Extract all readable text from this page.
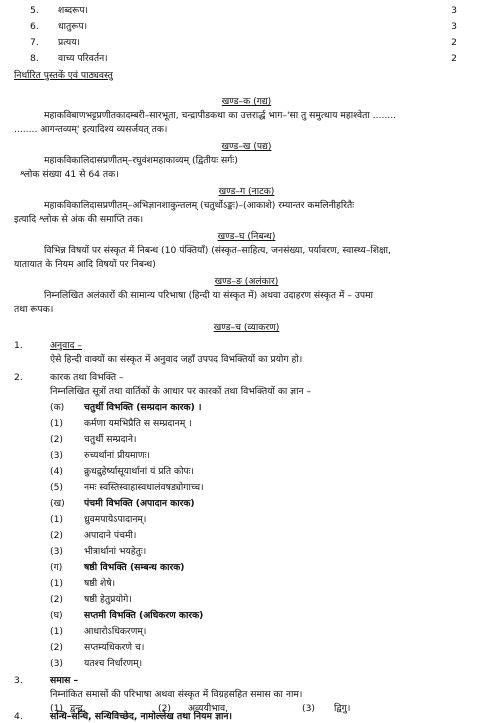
5. शब्दरूप।	3
6. धातुरूप।	3
7. प्रत्यय।	2
8. वाच्य परिवर्तन।	2
निर्धारित पुस्तकें एवं पाठ्यवस्तु
खण्ड–क (गद्य)
महाकविबाणभट्टप्रणीतकादम्बरी–सारभूता, चन्द्रापीडकथा का उत्तरार्द्ध भाग–'सा तु समुत्थाय महाश्वेता ........
........ आगन्तव्यम्' इत्यादिश्य व्यसर्जयत् तक।
खण्ड–ख (पद्य)
महाकविकालिदासप्रणीतम्–रघुवंशमहाकाव्यम् (द्वितीयः सर्गः)
श्लोक संख्या 41 से 64 तक।
खण्ड–ग (नाटक)
महाकविकालिदासप्रणीतम्–अभिज्ञानशाकुन्तलम् (चतुर्थोऽङ्कः)–(आकाशे) रम्यान्तर कमलिनीहरितैः
इत्यादि श्लोक से अंक की समाप्ति तक।
खण्ड–घ (निबन्ध)
विभिन्न विषयों पर संस्कृत में निबन्ध (10 पंक्तियाँ) (संस्कृत–साहित्य, जनसंख्या, पर्यावरण, स्वास्थ्य–शिक्षा,
यातायात के नियम आदि विषयों पर निबन्ध)
खण्ड–ङ (अलंकार)
निम्नलिखित अलंकारों की सामान्य परिभाषा (हिन्दी या संस्कृत में) अथवा उदाहरण संस्कृत में – उपमा
तथा रूपक।
खण्ड–च (व्याकरण)
1.	अनुवाद –
ऐसे हिन्दी वाक्यों का संस्कृत में अनुवाद जहाँ उपपद विभक्तियों का प्रयोग हो।
2.	कारक तथा विभक्ति –
निम्नलिखित सूत्रों तथा वार्तिकों के आधार पर कारकों तथा विभक्तियों का ज्ञान –
(क) चतुर्थी विभक्ति (सम्प्रदान कारक) ।
(1) कर्मणा यमभिप्रैति स सम्प्रदानम् ।
(2) चतुर्थी सम्प्रदाने।
(3) रुच्यर्थानां प्रीयमाणः।
(4) क्रुधद्रुहेर्ष्यासूयार्थानां यं प्रति कोपः।
(5) नमः स्वस्तिस्वाहास्वधालंवषड्योगाच्च।
(ख) पंचमी विभक्ति (अपादान कारक)
(1) ध्रुवमपायेऽपादानम्।
(2) अपादाने पंचमी।
(3) भीत्रार्थानां भयहेतुः।
(ग) षष्ठी विभक्ति (सम्बन्ध कारक)
(1) षष्ठी शेषे।
(2) षष्ठी हेतुप्रयोगे।
(घ) सप्तमी विभक्ति (अधिकरण कारक)
(1) आधारोऽधिकरणम्।
(2) सप्तम्यधिकरणे च।
(3) यतश्च निर्धारणम्।
3.	समास –
निम्नांकित समासों की परिभाषा अथवा संस्कृत में विग्रहसहित समास का नाम।
(1) द्वन्द्व,	(2) अव्ययीभाव,	(3) द्विगु।
4.	सन्धि–सन्धि, सन्धिविच्छेद, नामोल्लेख तथा नियम ज्ञान।
